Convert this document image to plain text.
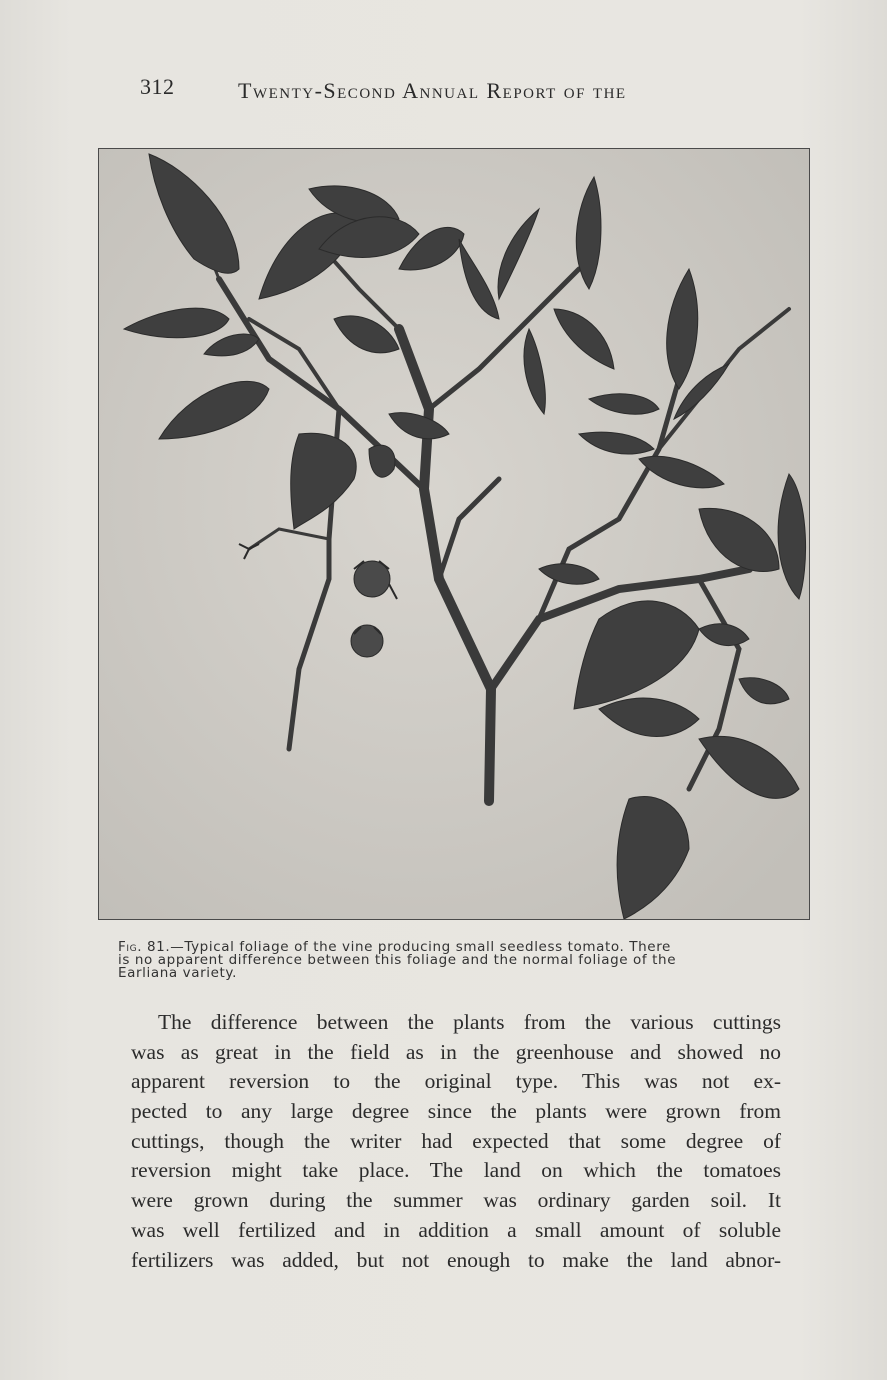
312	Twenty-Second Annual Report of the
Fig. 81.—Typical foliage of the vine producing small seedless tomato. There
is no apparent difference between this foliage and the normal foliage of the
Earliana variety.
The difference between the plants from the various cuttings
was as great in the field as in the greenhouse and showed no
apparent reversion to the original type. This was not ex-
pected to any large degree since the plants were grown from
cuttings, though the writer had expected that some degree of
reversion might take place. The land on which the tomatoes
were grown during the summer was ordinary garden soil. It
was well fertilized and in addition a small amount of soluble
fertilizers was added, but not enough to make the land abnor-
